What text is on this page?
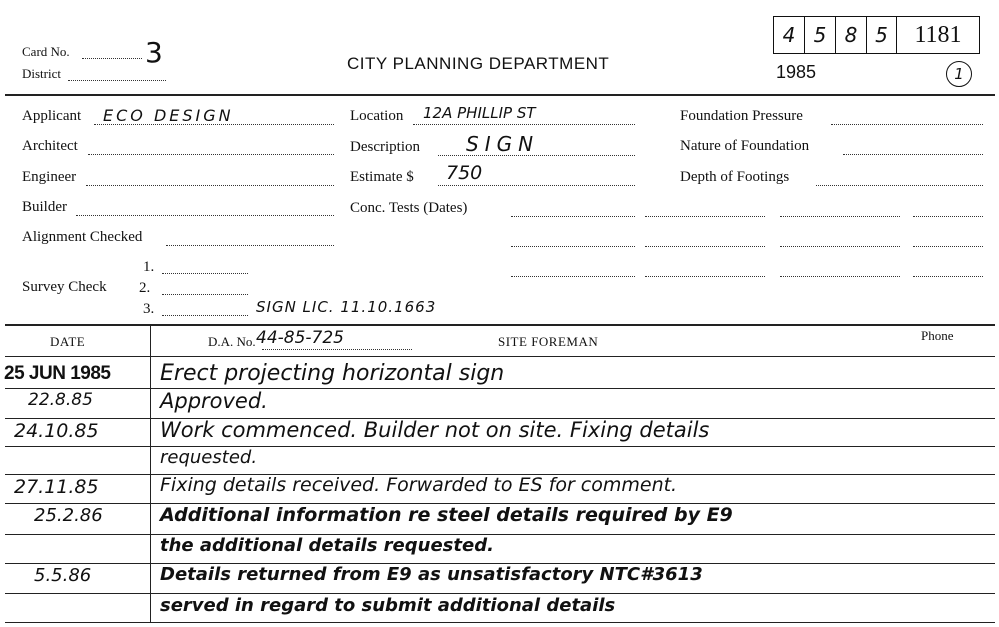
Card No.	3
District
CITY PLANNING DEPARTMENT
4 5 8 5	1181
1985	1
Applicant ECO DESIGN
Architect
Engineer
Builder
Alignment Checked
Survey Check
1.
2.
3.	SIGN LIC. 11.10.1663
Location 12A PHILLIP ST
Description SIGN
Estimate $ 750
Conc. Tests (Dates)
Foundation Pressure
Nature of Foundation
Depth of Footings
DATE	D.A. No. 44-85-725	SITE FOREMAN	Phone
25 JUN 1985 Erect projecting horizontal sign
22.8.85	Approved.
24.10.85	Work commenced. Builder not on site. Fixing details
requested.
27.11.85	Fixing details received. Forwarded to ES for comment.
25.2.86	Additional information re steel details required by E9
the additional details requested.
5.5.86	Details returned from E9 as unsatisfactory NTC#3613
served in regard to submit additional details
